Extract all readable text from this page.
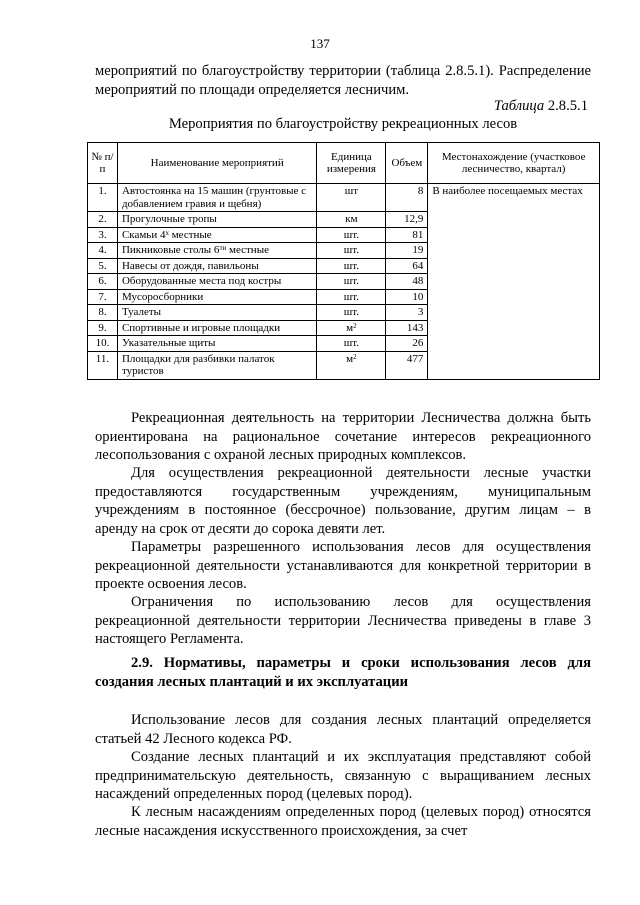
137
мероприятий по благоустройству территории (таблица 2.8.5.1). Распределение мероприятий по площади определяется лесничим.
Таблица 2.8.5.1
Мероприятия по благоустройству рекреационных лесов
№ п/п	Наименование мероприятий	Единица измерения	Объем	Местонахождение (участковое лесничество, квартал)
1.	Автостоянка на 15 машин (грунтовые с добавлением гравия и щебня)	шт	8	В наиболее посещаемых местах
2.	Прогулочные тропы	км	12,9	
3.	Скамьи $4^х$ местные	шт.	81	
4.	Пикниковые столы $6^{ти}$ местные	шт.	19	
5.	Навесы от дождя, павильоны	шт.	64	
6.	Оборудованные места под костры	шт.	48	
7.	Мусоросборники	шт.	10	
8.	Туалеты	шт.	3	
9.	Спортивные и игровые площадки	$м^2$	143	
10.	Указательные щиты	шт.	26	
11.	Площадки для разбивки палаток туристов	$м^2$	477	
Рекреационная деятельность на территории Лесничества должна быть ориентирована на рациональное сочетание интересов рекреационного лесопользования с охраной лесных природных комплексов.
Для осуществления рекреационной деятельности лесные участки предоставляются государственным учреждениям, муниципальным учреждениям в постоянное (бессрочное) пользование, другим лицам – в аренду на срок от десяти до сорока девяти лет.
Параметры разрешенного использования лесов для осуществления рекреационной деятельности устанавливаются для конкретной территории в проекте освоения лесов.
Ограничения по использованию лесов для осуществления рекреационной деятельности территории Лесничества приведены в главе 3 настоящего Регламента.
2.9. Нормативы, параметры и сроки использования лесов для создания лесных плантаций и их эксплуатации
Использование лесов для создания лесных плантаций определяется статьей 42 Лесного кодекса РФ.
Создание лесных плантаций и их эксплуатация представляют собой предпринимательскую деятельность, связанную с выращиванием лесных насаждений определенных пород (целевых пород).
К лесным насаждениям определенных пород (целевых пород) относятся лесные насаждения искусственного происхождения, за счет
